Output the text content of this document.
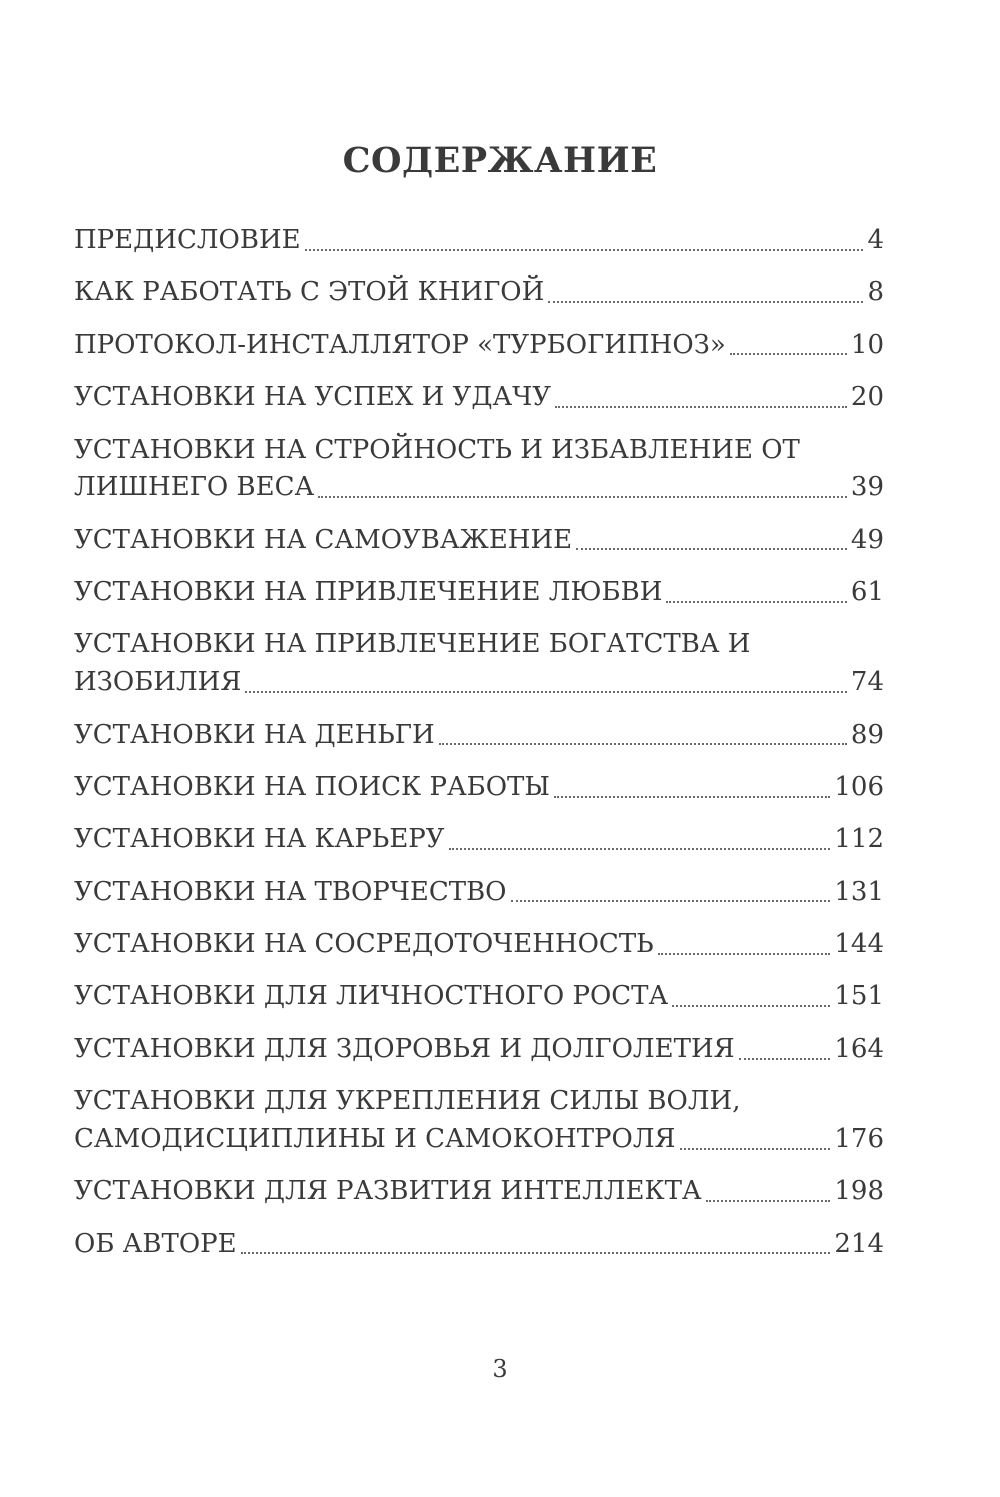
СОДЕРЖАНИЕ
ПРЕДИСЛОВИЕ	4
КАК РАБОТАТЬ С ЭТОЙ КНИГОЙ	8
ПРОТОКОЛ-ИНСТАЛЛЯТОР «ТУРБОГИПНОЗ»	10
УСТАНОВКИ НА УСПЕХ И УДАЧУ	20
УСТАНОВКИ НА СТРОЙНОСТЬ И ИЗБАВЛЕНИЕ ОТ
ЛИШНЕГО ВЕСА	39
УСТАНОВКИ НА САМОУВАЖЕНИЕ	49
УСТАНОВКИ НА ПРИВЛЕЧЕНИЕ ЛЮБВИ	61
УСТАНОВКИ НА ПРИВЛЕЧЕНИЕ БОГАТСТВА И
ИЗОБИЛИЯ	74
УСТАНОВКИ НА ДЕНЬГИ	89
УСТАНОВКИ НА ПОИСК РАБОТЫ	106
УСТАНОВКИ НА КАРЬЕРУ	112
УСТАНОВКИ НА ТВОРЧЕСТВО	131
УСТАНОВКИ НА СОСРЕДОТОЧЕННОСТЬ	144
УСТАНОВКИ ДЛЯ ЛИЧНОСТНОГО РОСТА	151
УСТАНОВКИ ДЛЯ ЗДОРОВЬЯ И ДОЛГОЛЕТИЯ	164
УСТАНОВКИ ДЛЯ УКРЕПЛЕНИЯ СИЛЫ ВОЛИ,
САМОДИСЦИПЛИНЫ И САМОКОНТРОЛЯ	176
УСТАНОВКИ ДЛЯ РАЗВИТИЯ ИНТЕЛЛЕКТА	198
ОБ АВТОРЕ	214
3
